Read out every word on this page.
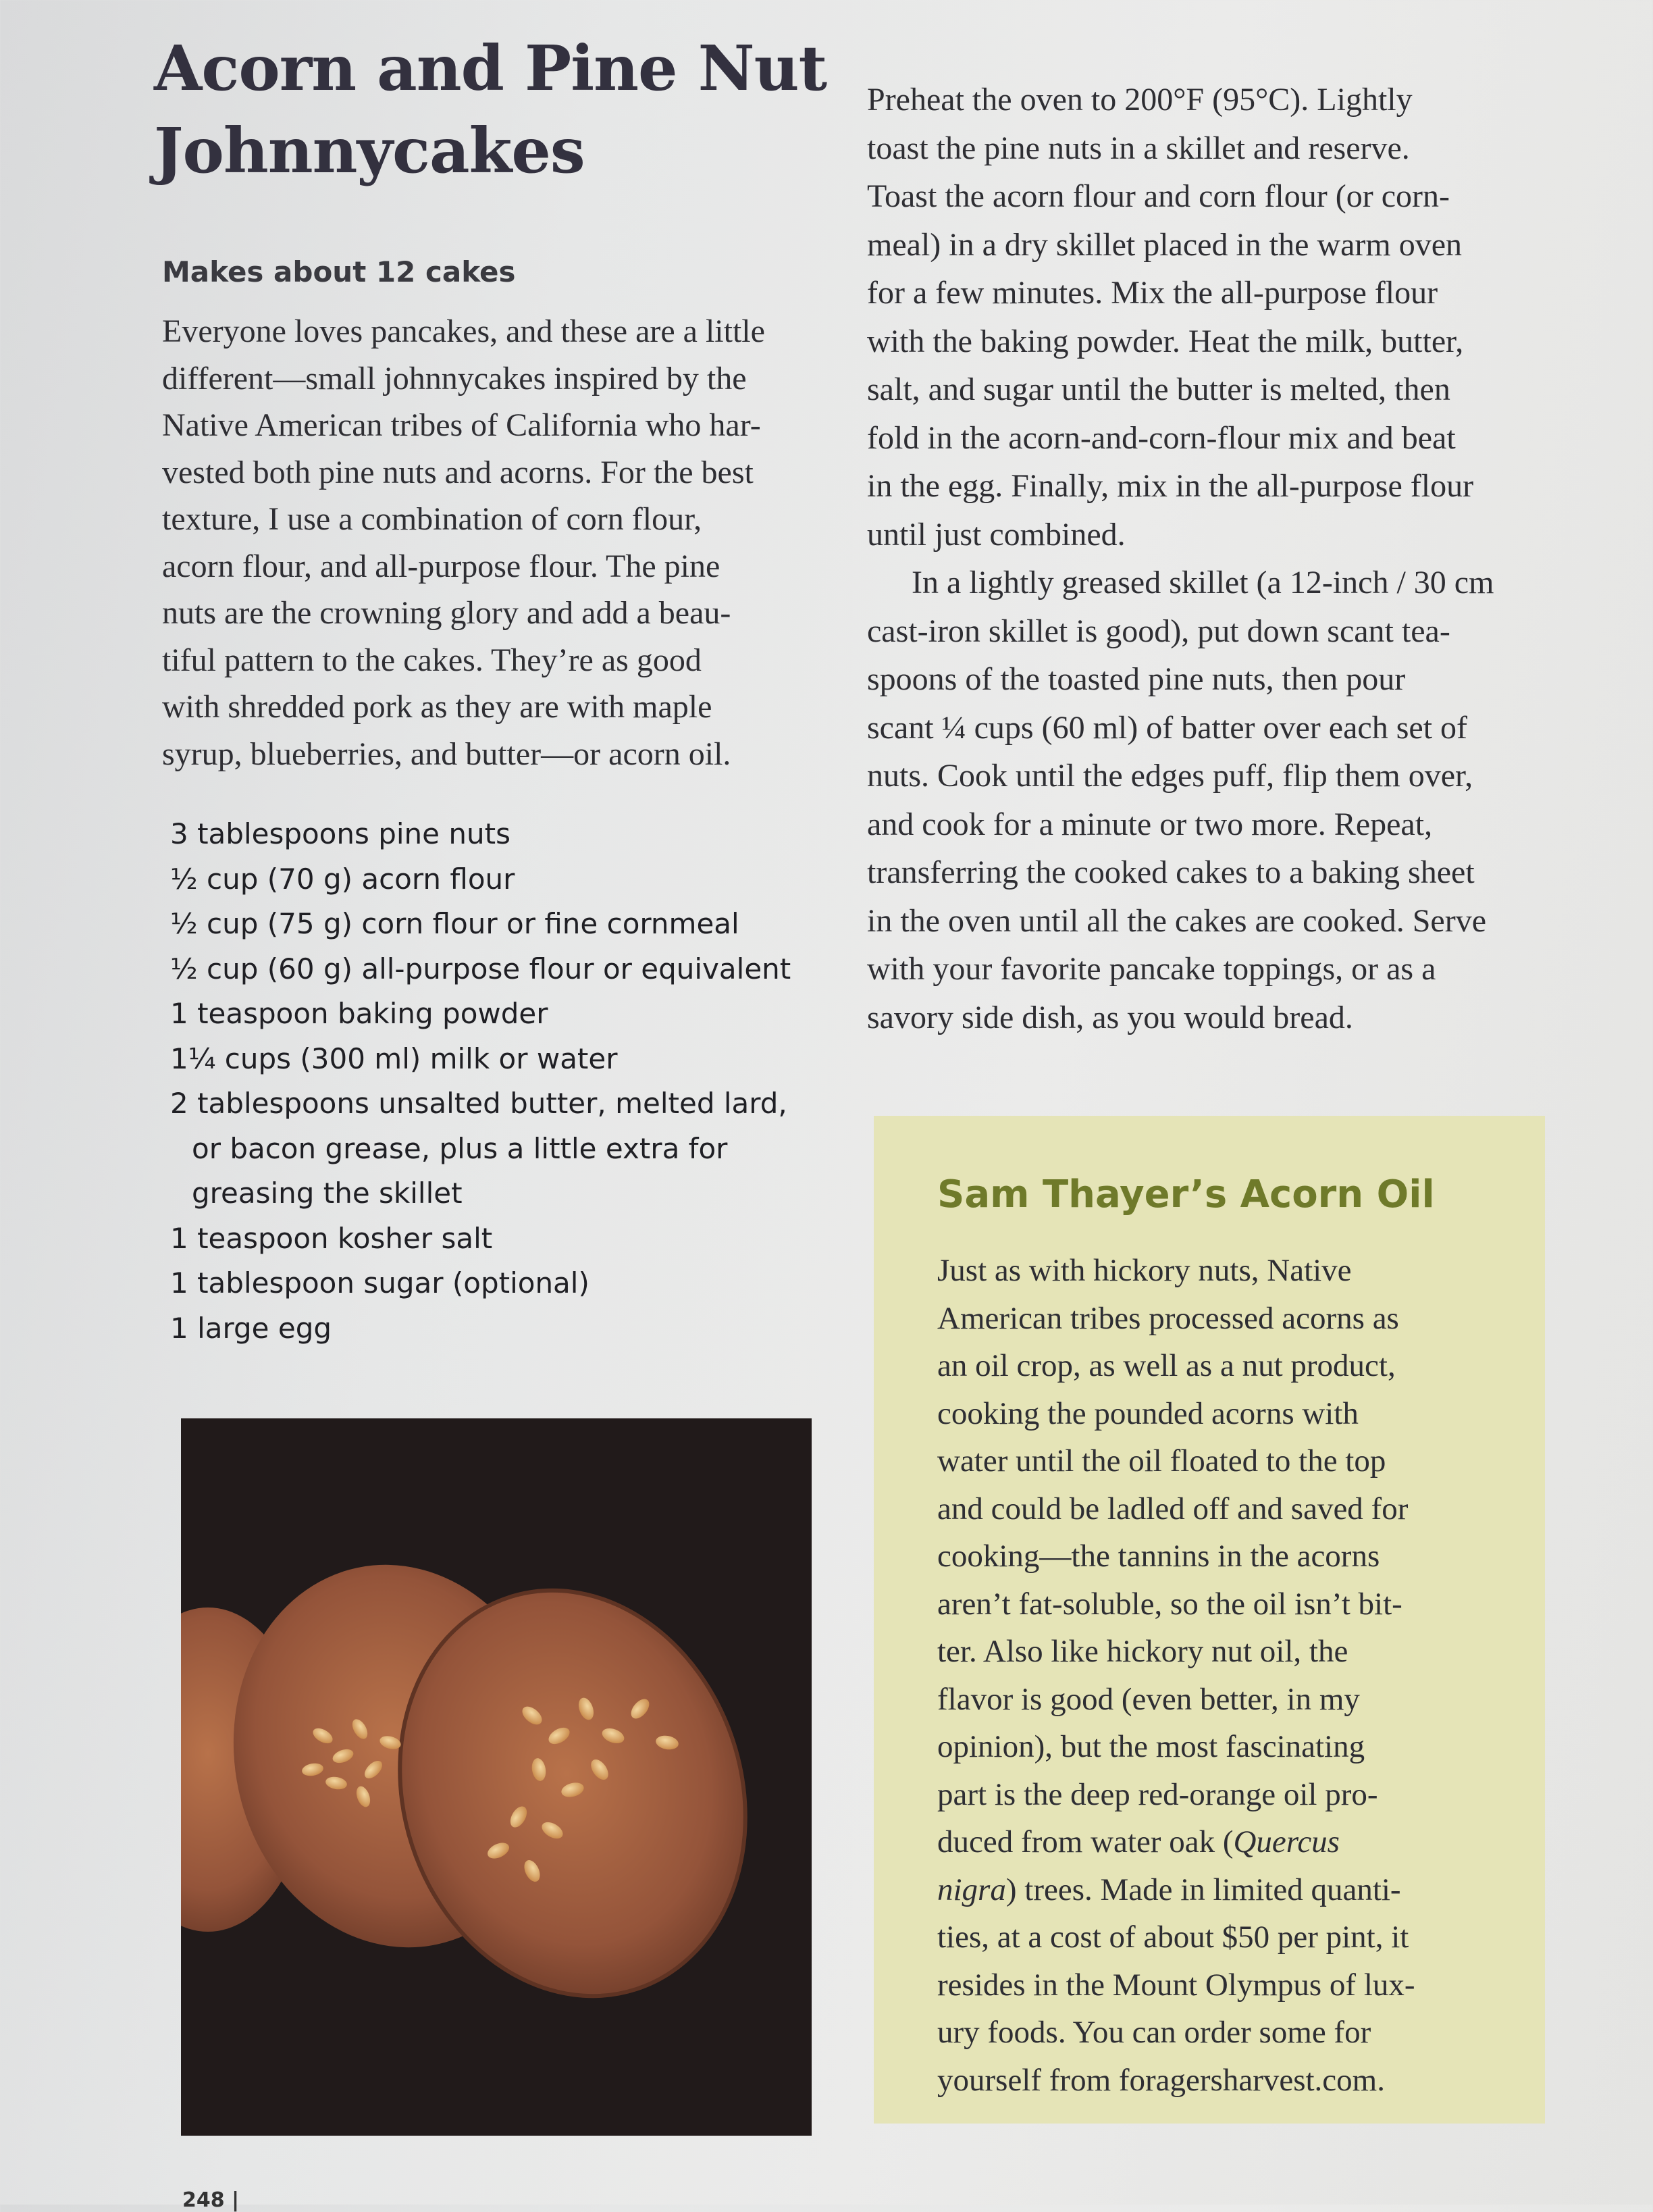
Acorn and Pine Nut
Johnnycakes

Makes about 12 cakes

Everyone loves pancakes, and these are a little
different—small johnnycakes inspired by the
Native American tribes of California who har-
vested both pine nuts and acorns. For the best
texture, I use a combination of corn flour,
acorn flour, and all-purpose flour. The pine
nuts are the crowning glory and add a beau-
tiful pattern to the cakes. They’re as good
with shredded pork as they are with maple
syrup, blueberries, and butter—or acorn oil.

3 tablespoons pine nuts
½ cup (70 g) acorn flour
½ cup (75 g) corn flour or fine cornmeal
½ cup (60 g) all-purpose flour or equivalent
1 teaspoon baking powder
1¼ cups (300 ml) milk or water
2 tablespoons unsalted butter, melted lard,
or bacon grease, plus a little extra for
greasing the skillet
1 teaspoon kosher salt
1 tablespoon sugar (optional)
1 large egg

Preheat the oven to 200°F (95°C). Lightly
toast the pine nuts in a skillet and reserve.
Toast the acorn flour and corn flour (or corn-
meal) in a dry skillet placed in the warm oven
for a few minutes. Mix the all-purpose flour
with the baking powder. Heat the milk, butter,
salt, and sugar until the butter is melted, then
fold in the acorn-and-corn-flour mix and beat
in the egg. Finally, mix in the all-purpose flour
until just combined.

In a lightly greased skillet (a 12-inch / 30 cm
cast-iron skillet is good), put down scant tea-
spoons of the toasted pine nuts, then pour
scant ¼ cups (60 ml) of batter over each set of
nuts. Cook until the edges puff, flip them over,
and cook for a minute or two more. Repeat,
transferring the cooked cakes to a baking sheet
in the oven until all the cakes are cooked. Serve
with your favorite pancake toppings, or as a
savory side dish, as you would bread.

Sam Thayer’s Acorn Oil

Just as with hickory nuts, Native
American tribes processed acorns as
an oil crop, as well as a nut product,
cooking the pounded acorns with
water until the oil floated to the top
and could be ladled off and saved for
cooking—the tannins in the acorns
aren’t fat-soluble, so the oil isn’t bit-
ter. Also like hickory nut oil, the
flavor is good (even better, in my
opinion), but the most fascinating
part is the deep red-orange oil pro-
duced from water oak (Quercus
nigra) trees. Made in limited quanti-
ties, at a cost of about $50 per pint, it
resides in the Mount Olympus of lux-
ury foods. You can order some for
yourself from foragersharvest.com.

248 |
